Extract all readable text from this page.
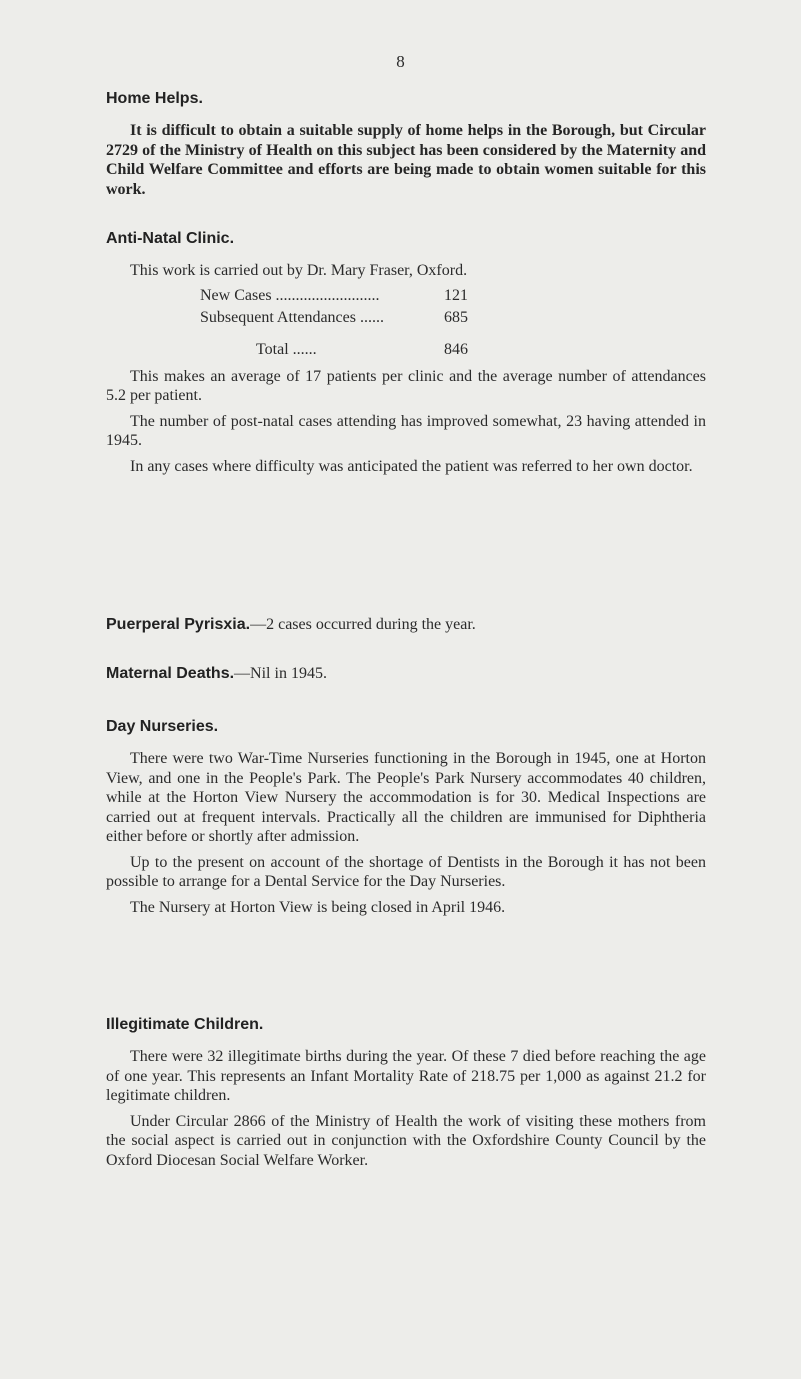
8
Home Helps.

It is difficult to obtain a suitable supply of home helps in the Borough, but Circular 2729 of the Ministry of Health on this subject has been considered by the Maternity and Child Welfare Committee and efforts are being made to obtain women suitable for this work.

Anti-Natal Clinic.

This work is carried out by Dr. Mary Fraser, Oxford.

New Cases ..........................	121
Subsequent Attendances ......	685
Total ......	846

This makes an average of 17 patients per clinic and the average number of attendances 5.2 per patient.

The number of post-natal cases attending has improved somewhat, 23 having attended in 1945.

In any cases where difficulty was anticipated the patient was referred to her own doctor.

Puerperal Pyrisxia.—2 cases occurred during the year.

Maternal Deaths.—Nil in 1945.

Day Nurseries.

There were two War-Time Nurseries functioning in the Borough in 1945, one at Horton View, and one in the People's Park. The People's Park Nursery accommodates 40 children, while at the Horton View Nursery the accommodation is for 30. Medical Inspections are carried out at frequent intervals. Practically all the children are immunised for Diphtheria either before or shortly after admission.

Up to the present on account of the shortage of Dentists in the Borough it has not been possible to arrange for a Dental Service for the Day Nurseries.

The Nursery at Horton View is being closed in April 1946.

Illegitimate Children.

There were 32 illegitimate births during the year. Of these 7 died before reaching the age of one year. This represents an Infant Mortality Rate of 218.75 per 1,000 as against 21.2 for legitimate children.

Under Circular 2866 of the Ministry of Health the work of visiting these mothers from the social aspect is carried out in conjunction with the Oxfordshire County Council by the Oxford Diocesan Social Welfare Worker.
